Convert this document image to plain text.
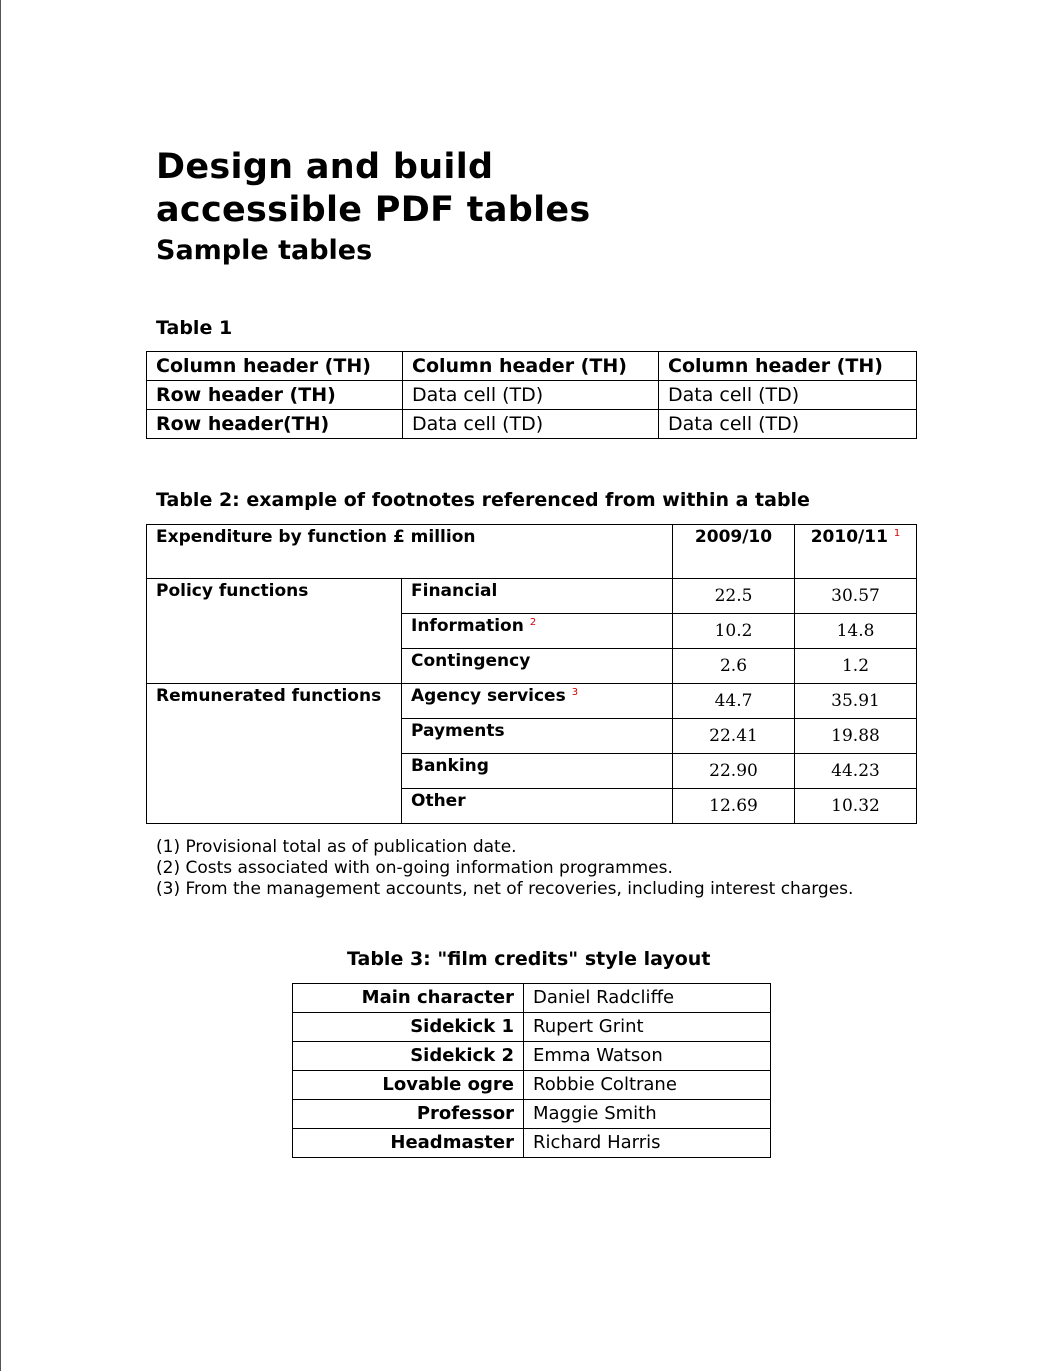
Design and build
accessible PDF tables
Sample tables

Table 1

Column header (TH)	Column header (TH)	Column header (TH)
Row header (TH)	Data cell (TD)	Data cell (TD)
Row header(TH)	Data cell (TD)	Data cell (TD)

Table 2: example of footnotes referenced from within a table

Expenditure by function £ million		2009/10	2010/11 $^1$
Policy functions	Financial	22.5	30.57
	Information $^2$	10.2	14.8
	Contingency	2.6	1.2
Remunerated functions	Agency services $^3$	44.7	35.91
	Payments	22.41	19.88
	Banking	22.90	44.23
	Other	12.69	10.32
(1) Provisional total as of publication date.
(2) Costs associated with on-going information programmes.
(3) From the management accounts, net of recoveries, including interest charges.

Table 3: "film credits" style layout

Main character	Daniel Radcliffe
Sidekick 1	Rupert Grint
Sidekick 2	Emma Watson
Lovable ogre	Robbie Coltrane
Professor	Maggie Smith
Headmaster	Richard Harris
